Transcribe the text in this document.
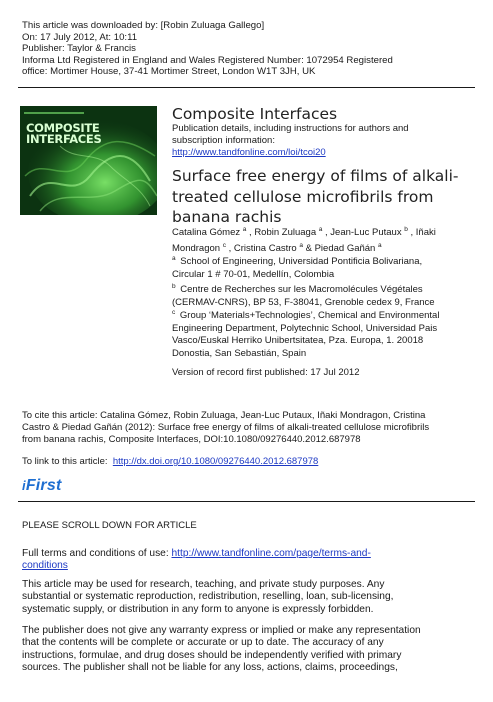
This article was downloaded by: [Robin Zuluaga Gallego]
On: 17 July 2012, At: 10:11
Publisher: Taylor & Francis
Informa Ltd Registered in England and Wales Registered Number: 1072954 Registered
office: Mortimer House, 37-41 Mortimer Street, London W1T 3JH, UK
COMPOSITE
INTERFACES
Composite Interfaces
Publication details, including instructions for authors and
subscription information:
http://www.tandfonline.com/loi/tcoi20
Surface free energy of films of alkali-
treated cellulose microfibrils from
banana rachis
Catalina Gómez $^a$ , Robin Zuluaga $^a$ , Jean-Luc Putaux $^b$ , Iñaki Mondragon $^c$ , Cristina Castro $^a$ & Piedad Gañán $^a$
$^a$ School of Engineering, Universidad Pontificia Bolivariana,
Circular 1 # 70-01, Medellín, Colombia
$^b$ Centre de Recherches sur les Macromolécules Végétales
(CERMAV-CNRS), BP 53, F-38041, Grenoble cedex 9, France
$^c$ Group ‘Materials+Technologies’, Chemical and Environmental
Engineering Department, Polytechnic School, Universidad Pais
Vasco/Euskal Herriko Unibertsitatea, Pza. Europa, 1. 20018
Donostia, San Sebastián, Spain
Version of record first published: 17 Jul 2012
To cite this article: Catalina Gómez, Robin Zuluaga, Jean-Luc Putaux, Iñaki Mondragon, Cristina
Castro & Piedad Gañán (2012): Surface free energy of films of alkali-treated cellulose microfibrils
from banana rachis, Composite Interfaces, DOI:10.1080/09276440.2012.687978
To link to this article: http://dx.doi.org/10.1080/09276440.2012.687978
iFirst
PLEASE SCROLL DOWN FOR ARTICLE
Full terms and conditions of use: http://www.tandfonline.com/page/terms-and-
conditions
This article may be used for research, teaching, and private study purposes. Any
substantial or systematic reproduction, redistribution, reselling, loan, sub-licensing,
systematic supply, or distribution in any form to anyone is expressly forbidden.
The publisher does not give any warranty express or implied or make any representation
that the contents will be complete or accurate or up to date. The accuracy of any
instructions, formulae, and drug doses should be independently verified with primary
sources. The publisher shall not be liable for any loss, actions, claims, proceedings,
